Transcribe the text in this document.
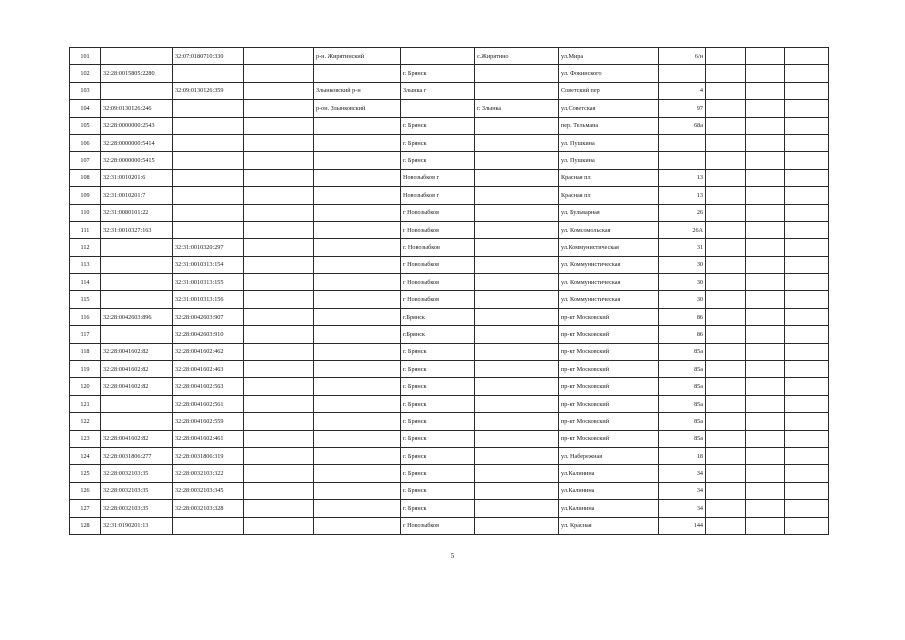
101		32:07:0180710:330		р-н. Жирятинский		с.Жирятино	ул.Мира	6/н			
102	32:28:0015805:2280				г. Брянск		ул. Фокинского				
103		32:09:0130126:359		Злынковский р-н	Злынка г		Советский пер	4			
104	32:09:0130126:246			р-он. Злынковский		г. Злынка	ул.Советская	97			
105	32:28:0000000:2543				г. Брянск		пер. Тельмана	68а			
106	32:28:0000000:5414				г. Брянск		ул. Пушкина				
107	32:28:0000000:5415				г. Брянск		ул. Пушкина				
108	32:31:0010201:6				Новозыбков г		Красная пл	13			
109	32:31:0010201:7				Новозыбков г		Красная пл	13			
110	32:31:0080101:22				г Новозыбков		ул. Бульварная	26			
111	32:31:0010327:163				г Новозыбков		ул. Комсомольская	26А			
112		32:31:0010320:297			г. Новозыбков		ул.Коммунистическая	31			
113		32:31:0010313:154			г Новозыбков		ул. Коммунистическая	30			
114		32:31:0010313:155			г Новозыбков		ул. Коммунистическая	30			
115		32:31:0010313:156			г Новозыбков		ул. Коммунистическая	30			
116	32:28:0042603:896	32:28:0042603:907			г.Брянск		пр-кт Московский	86			
117		32:28:0042603:910			г.Брянск		пр-кт Московский	86			
118	32:28:0041602:82	32:28:0041602:462			г. Брянск		пр-кт Московский	85а			
119	32:28:0041602:82	32:28:0041602:463			г. Брянск		пр-кт Московский	85а			
120	32:28:0041602:82	32:28:0041602:563			г. Брянск		пр-кт Московский	85а			
121		32:28:0041602:561			г. Брянск		пр-кт Московский	85а			
122		32:28:0041602:559			г. Брянск		пр-кт Московский	85а			
123	32:28:0041602:82	32:28:0041602:461			г. Брянск		пр-кт Московский	85а			
124	32:28:0031806:277	32:28:0031806:319			г. Брянск		ул. Набережная	18			
125	32:28:0032103:35	32:28:0032103:322			г. Брянск		ул.Калинина	34			
126	32:28:0032103:35	32:28:0032103:345			г. Брянск		ул.Калинина	34			
127	32:28:0032103:35	32:28:0032103:328			г. Брянск		ул.Калинина	34			
128	32:31:0190201:13				г Новозыбков		ул. Красная	144			
5
